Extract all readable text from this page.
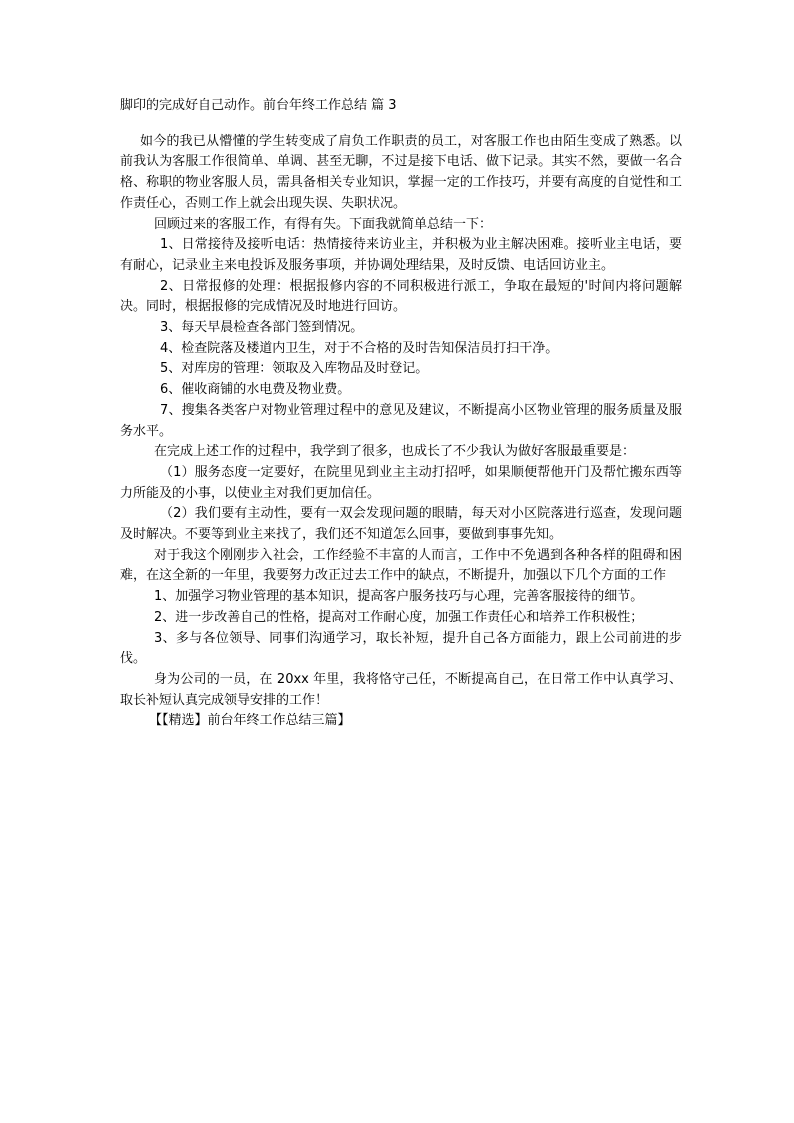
脚印的完成好自己动作。前台年终工作总结 篇 3

如今的我已从懵懂的学生转变成了肩负工作职责的员工，对客服工作也由陌生变成了熟悉。以前我认为客服工作很简单、单调、甚至无聊，不过是接下电话、做下记录。其实不然，要做一名合格、称职的物业客服人员，需具备相关专业知识，掌握一定的工作技巧，并要有高度的自觉性和工作责任心，否则工作上就会出现失误、失职状况。

回顾过来的客服工作，有得有失。下面我就简单总结一下：

1、日常接待及接听电话：热情接待来访业主，并积极为业主解决困难。接听业主电话，要有耐心，记录业主来电投诉及服务事项，并协调处理结果，及时反馈、电话回访业主。

2、日常报修的处理：根据报修内容的不同积极进行派工，争取在最短的'时间内将问题解决。同时，根据报修的完成情况及时地进行回访。

3、每天早晨检查各部门签到情况。

4、检查院落及楼道内卫生，对于不合格的及时告知保洁员打扫干净。

5、对库房的管理：领取及入库物品及时登记。

6、催收商铺的水电费及物业费。

7、搜集各类客户对物业管理过程中的意见及建议，不断提高小区物业管理的服务质量及服务水平。

在完成上述工作的过程中，我学到了很多，也成长了不少我认为做好客服最重要是：

（1）服务态度一定要好，在院里见到业主主动打招呼，如果顺便帮他开门及帮忙搬东西等力所能及的小事，以使业主对我们更加信任。

（2）我们要有主动性，要有一双会发现问题的眼睛，每天对小区院落进行巡查，发现问题及时解决。不要等到业主来找了，我们还不知道怎么回事，要做到事事先知。

对于我这个刚刚步入社会，工作经验不丰富的人而言，工作中不免遇到各种各样的阻碍和困难，在这全新的一年里，我要努力改正过去工作中的缺点，不断提升，加强以下几个方面的工作

1、加强学习物业管理的基本知识，提高客户服务技巧与心理，完善客服接待的细节。

2、进一步改善自己的性格，提高对工作耐心度，加强工作责任心和培养工作积极性；

3、多与各位领导、同事们沟通学习，取长补短，提升自己各方面能力，跟上公司前进的步伐。

身为公司的一员，在 20xx 年里，我将恪守己任，不断提高自己，在日常工作中认真学习、取长补短认真完成领导安排的工作！

【【精选】前台年终工作总结三篇】
